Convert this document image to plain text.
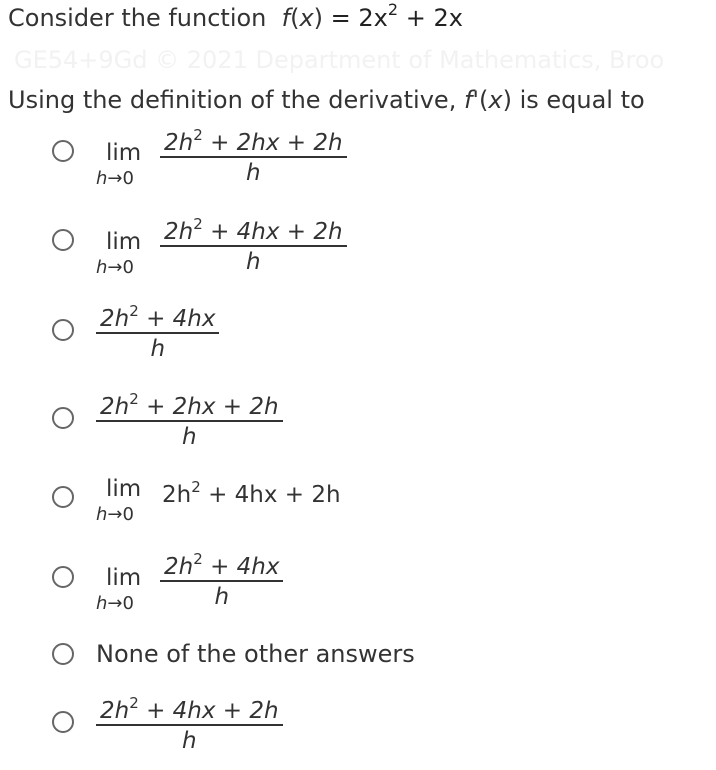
Consider the function $f(x) = 2x^2 + 2x$
GE54+9Gd © 2021 Department of Mathematics, Broo
Using the definition of the derivative, f'(x) is equal to
lim
$h\to 0 \frac{2h^2 + 2hx + 2h}{h}$
lim
$h\to 0 \frac{2h^2 + 4hx + 2h}{h}$
$\frac{2h^2 + 4hx}{h}$
$\frac{2h^2 + 2hx + 2h}{h}$
lim
h→0
$2h^2 + 4hx + 2h$
lim
$h\to 0 \frac{2h^2 + 4hx}{h}$
None of the other answers
$\frac{2h^2 + 4hx + 2h}{h}$
